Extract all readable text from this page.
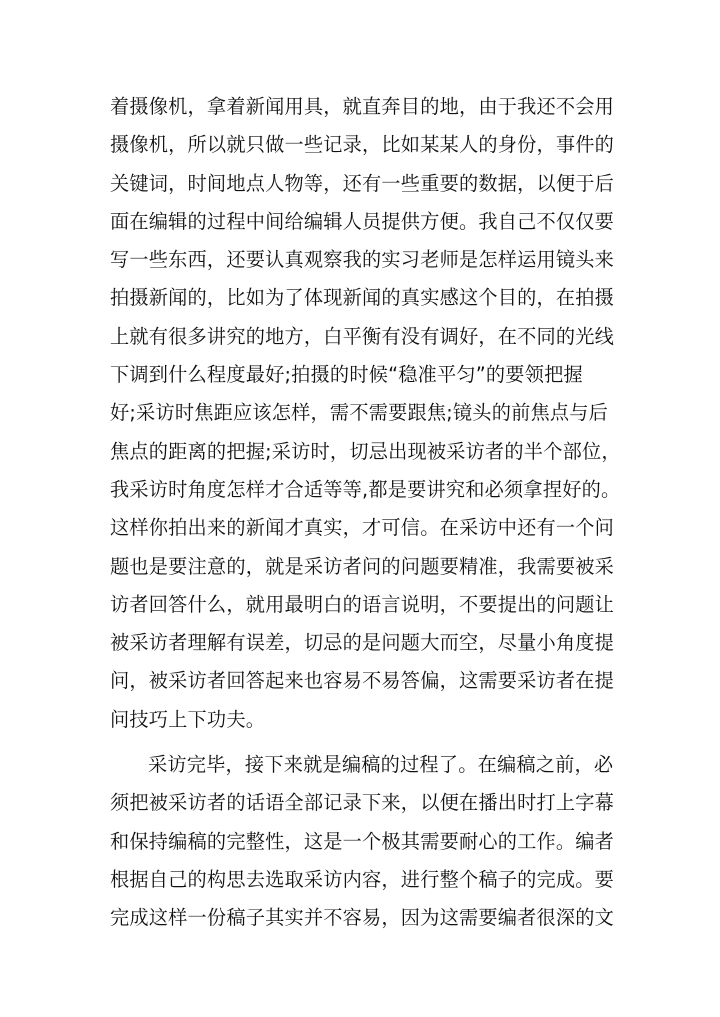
着摄像机，拿着新闻用具，就直奔目的地，由于我还不会用
摄像机，所以就只做一些记录，比如某某人的身份，事件的
关键词，时间地点人物等，还有一些重要的数据，以便于后
面在编辑的过程中间给编辑人员提供方便。我自己不仅仅要
写一些东西，还要认真观察我的实习老师是怎样运用镜头来
拍摄新闻的，比如为了体现新闻的真实感这个目的，在拍摄
上就有很多讲究的地方，白平衡有没有调好，在不同的光线
下调到什么程度最好;拍摄的时候“稳准平匀”的要领把握
好;采访时焦距应该怎样，需不需要跟焦;镜头的前焦点与后
焦点的距离的把握;采访时，切忌出现被采访者的半个部位，
我采访时角度怎样才合适等等,都是要讲究和必须拿捏好的。
这样你拍出来的新闻才真实，才可信。在采访中还有一个问
题也是要注意的，就是采访者问的问题要精准，我需要被采
访者回答什么，就用最明白的语言说明，不要提出的问题让
被采访者理解有误差，切忌的是问题大而空，尽量小角度提
问，被采访者回答起来也容易不易答偏，这需要采访者在提
问技巧上下功夫。
采访完毕，接下来就是编稿的过程了。在编稿之前，必
须把被采访者的话语全部记录下来，以便在播出时打上字幕
和保持编稿的完整性，这是一个极其需要耐心的工作。编者
根据自己的构思去选取采访内容，进行整个稿子的完成。要
完成这样一份稿子其实并不容易，因为这需要编者很深的文
